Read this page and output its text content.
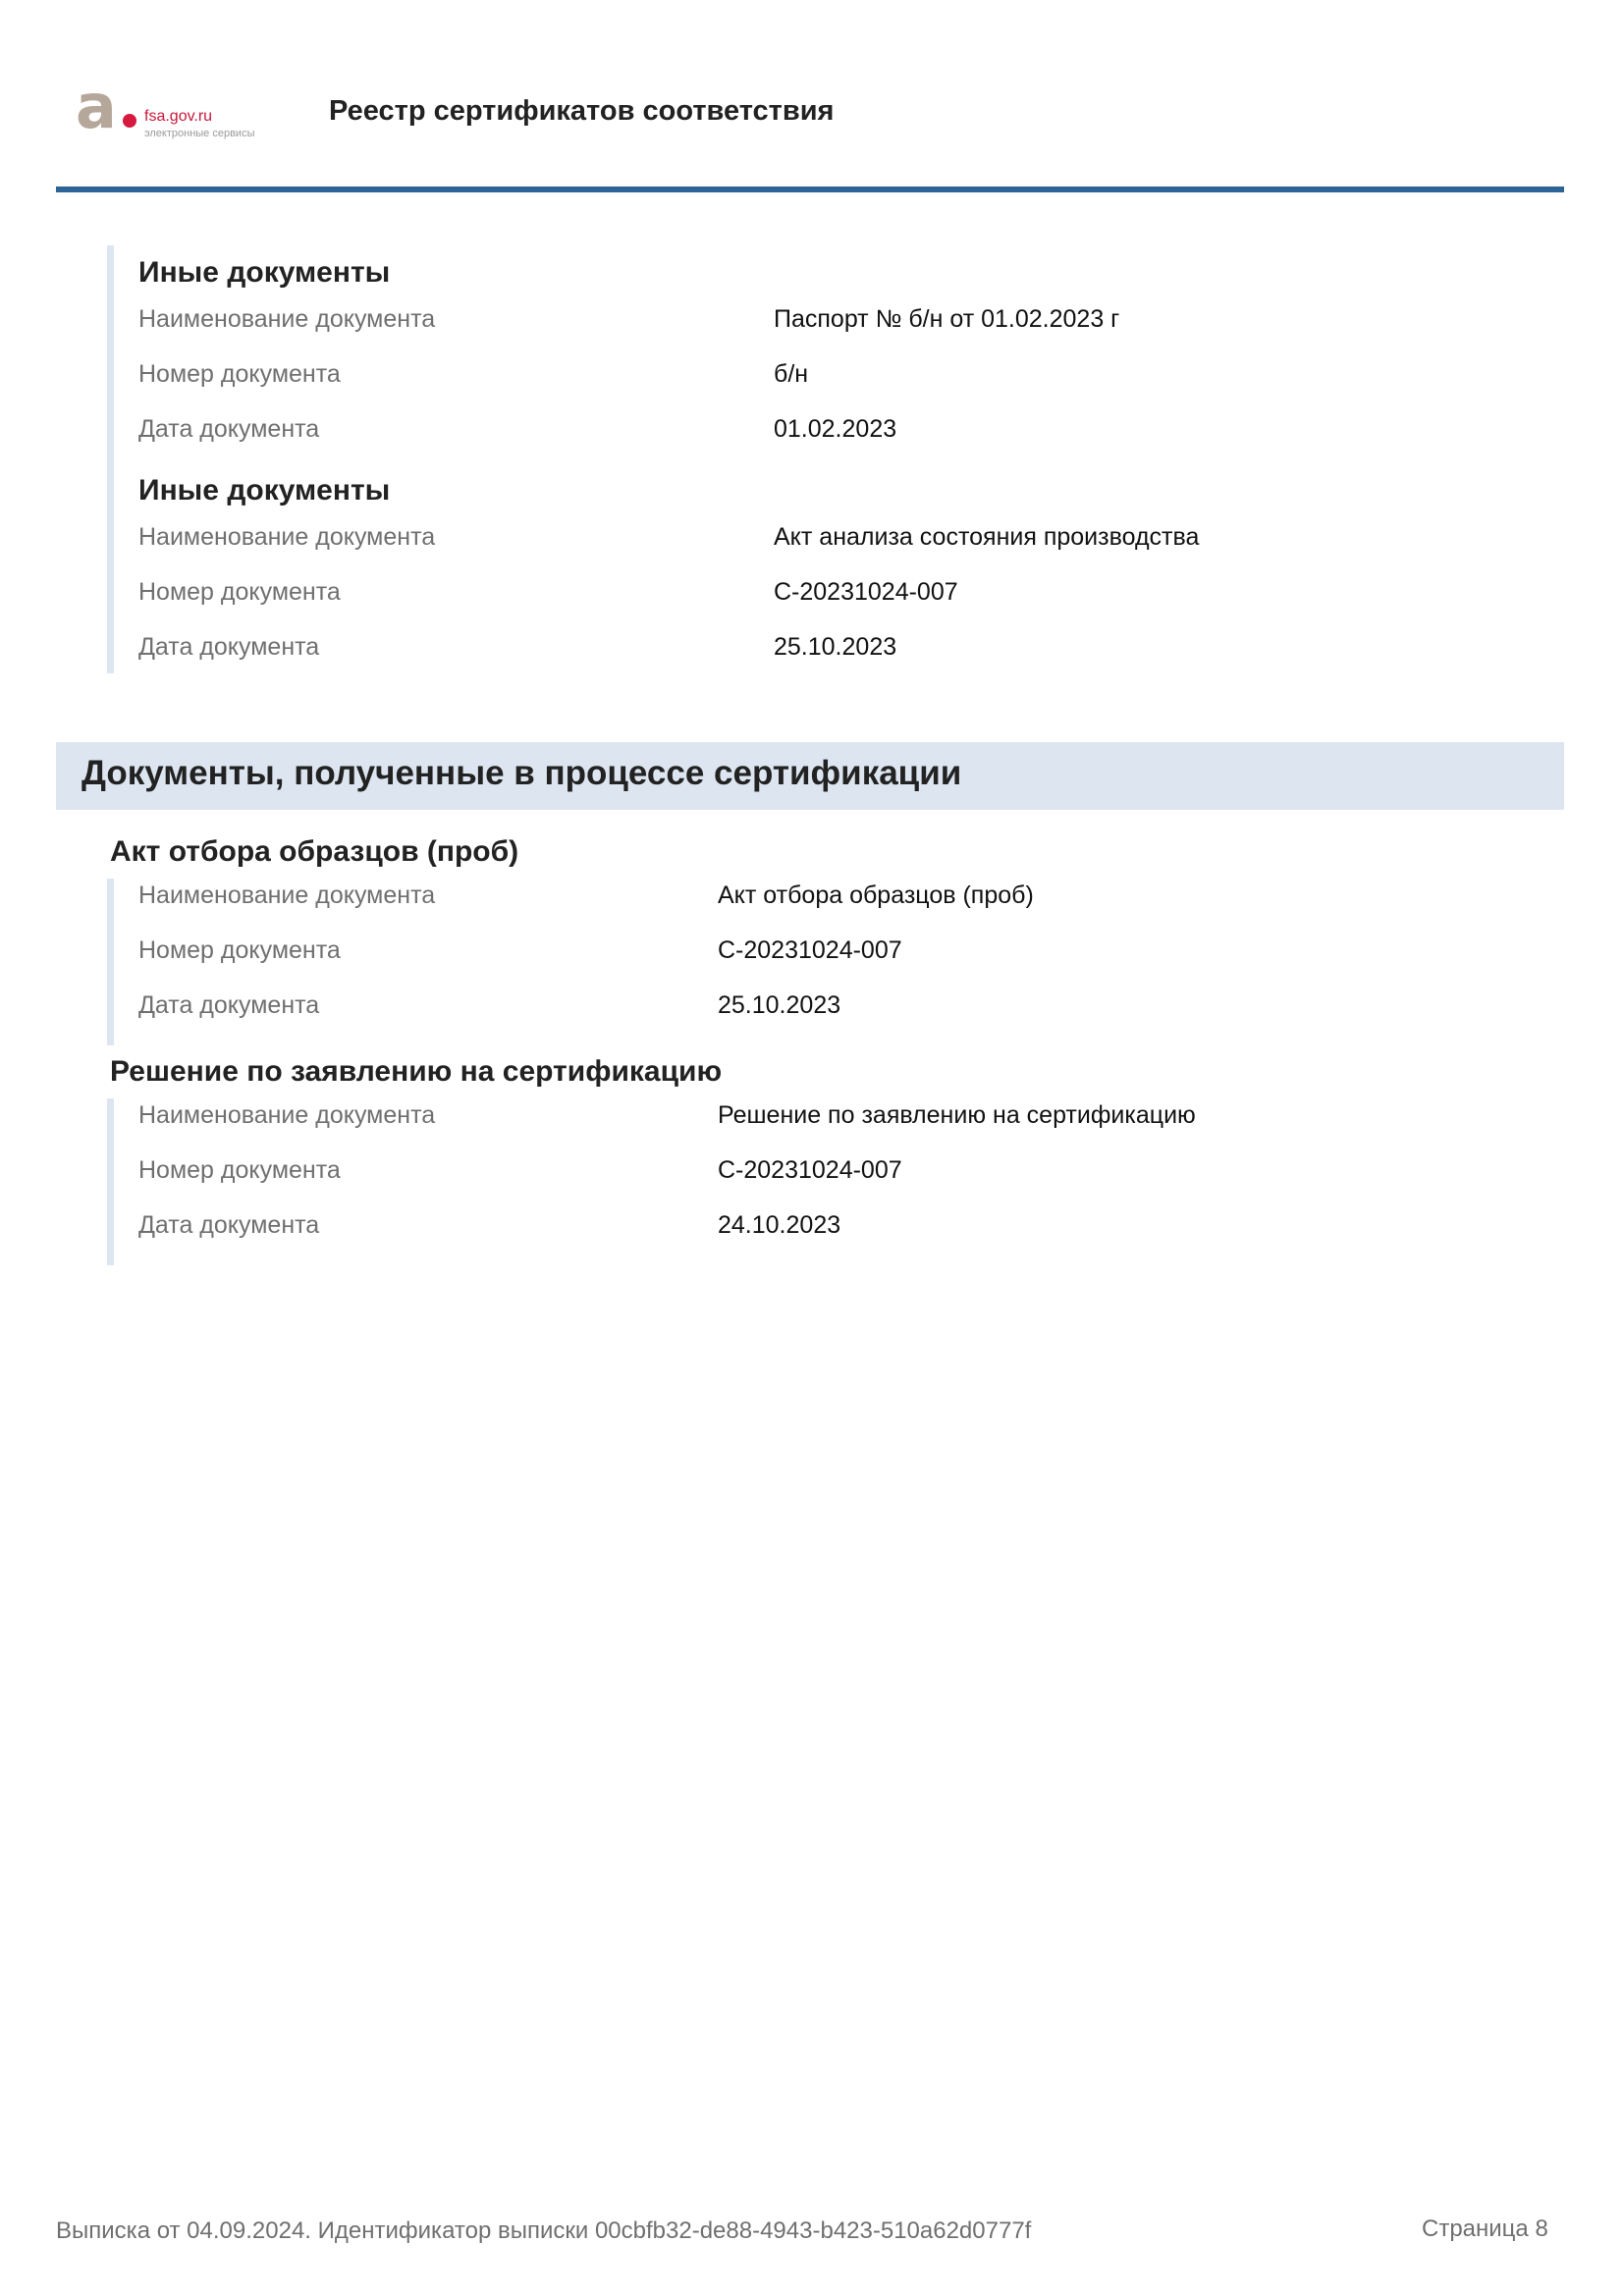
а fsa.gov.ru
электронные сервисы
Реестр сертификатов соответствия
Иные документы
Наименование документа	Паспорт № б/н от 01.02.2023 г
Номер документа	б/н
Дата документа	01.02.2023
Иные документы
Наименование документа	Акт анализа состояния производства
Номер документа	С-20231024-007
Дата документа	25.10.2023
Документы, полученные в процессе сертификации
Акт отбора образцов (проб)
Наименование документа	Акт отбора образцов (проб)
Номер документа	С-20231024-007
Дата документа	25.10.2023
Решение по заявлению на сертификацию
Наименование документа	Решение по заявлению на сертификацию
Номер документа	С-20231024-007
Дата документа	24.10.2023
Выписка от 04.09.2024. Идентификатор выписки 00cbfb32-de88-4943-b423-510a62d0777f	Страница 8
